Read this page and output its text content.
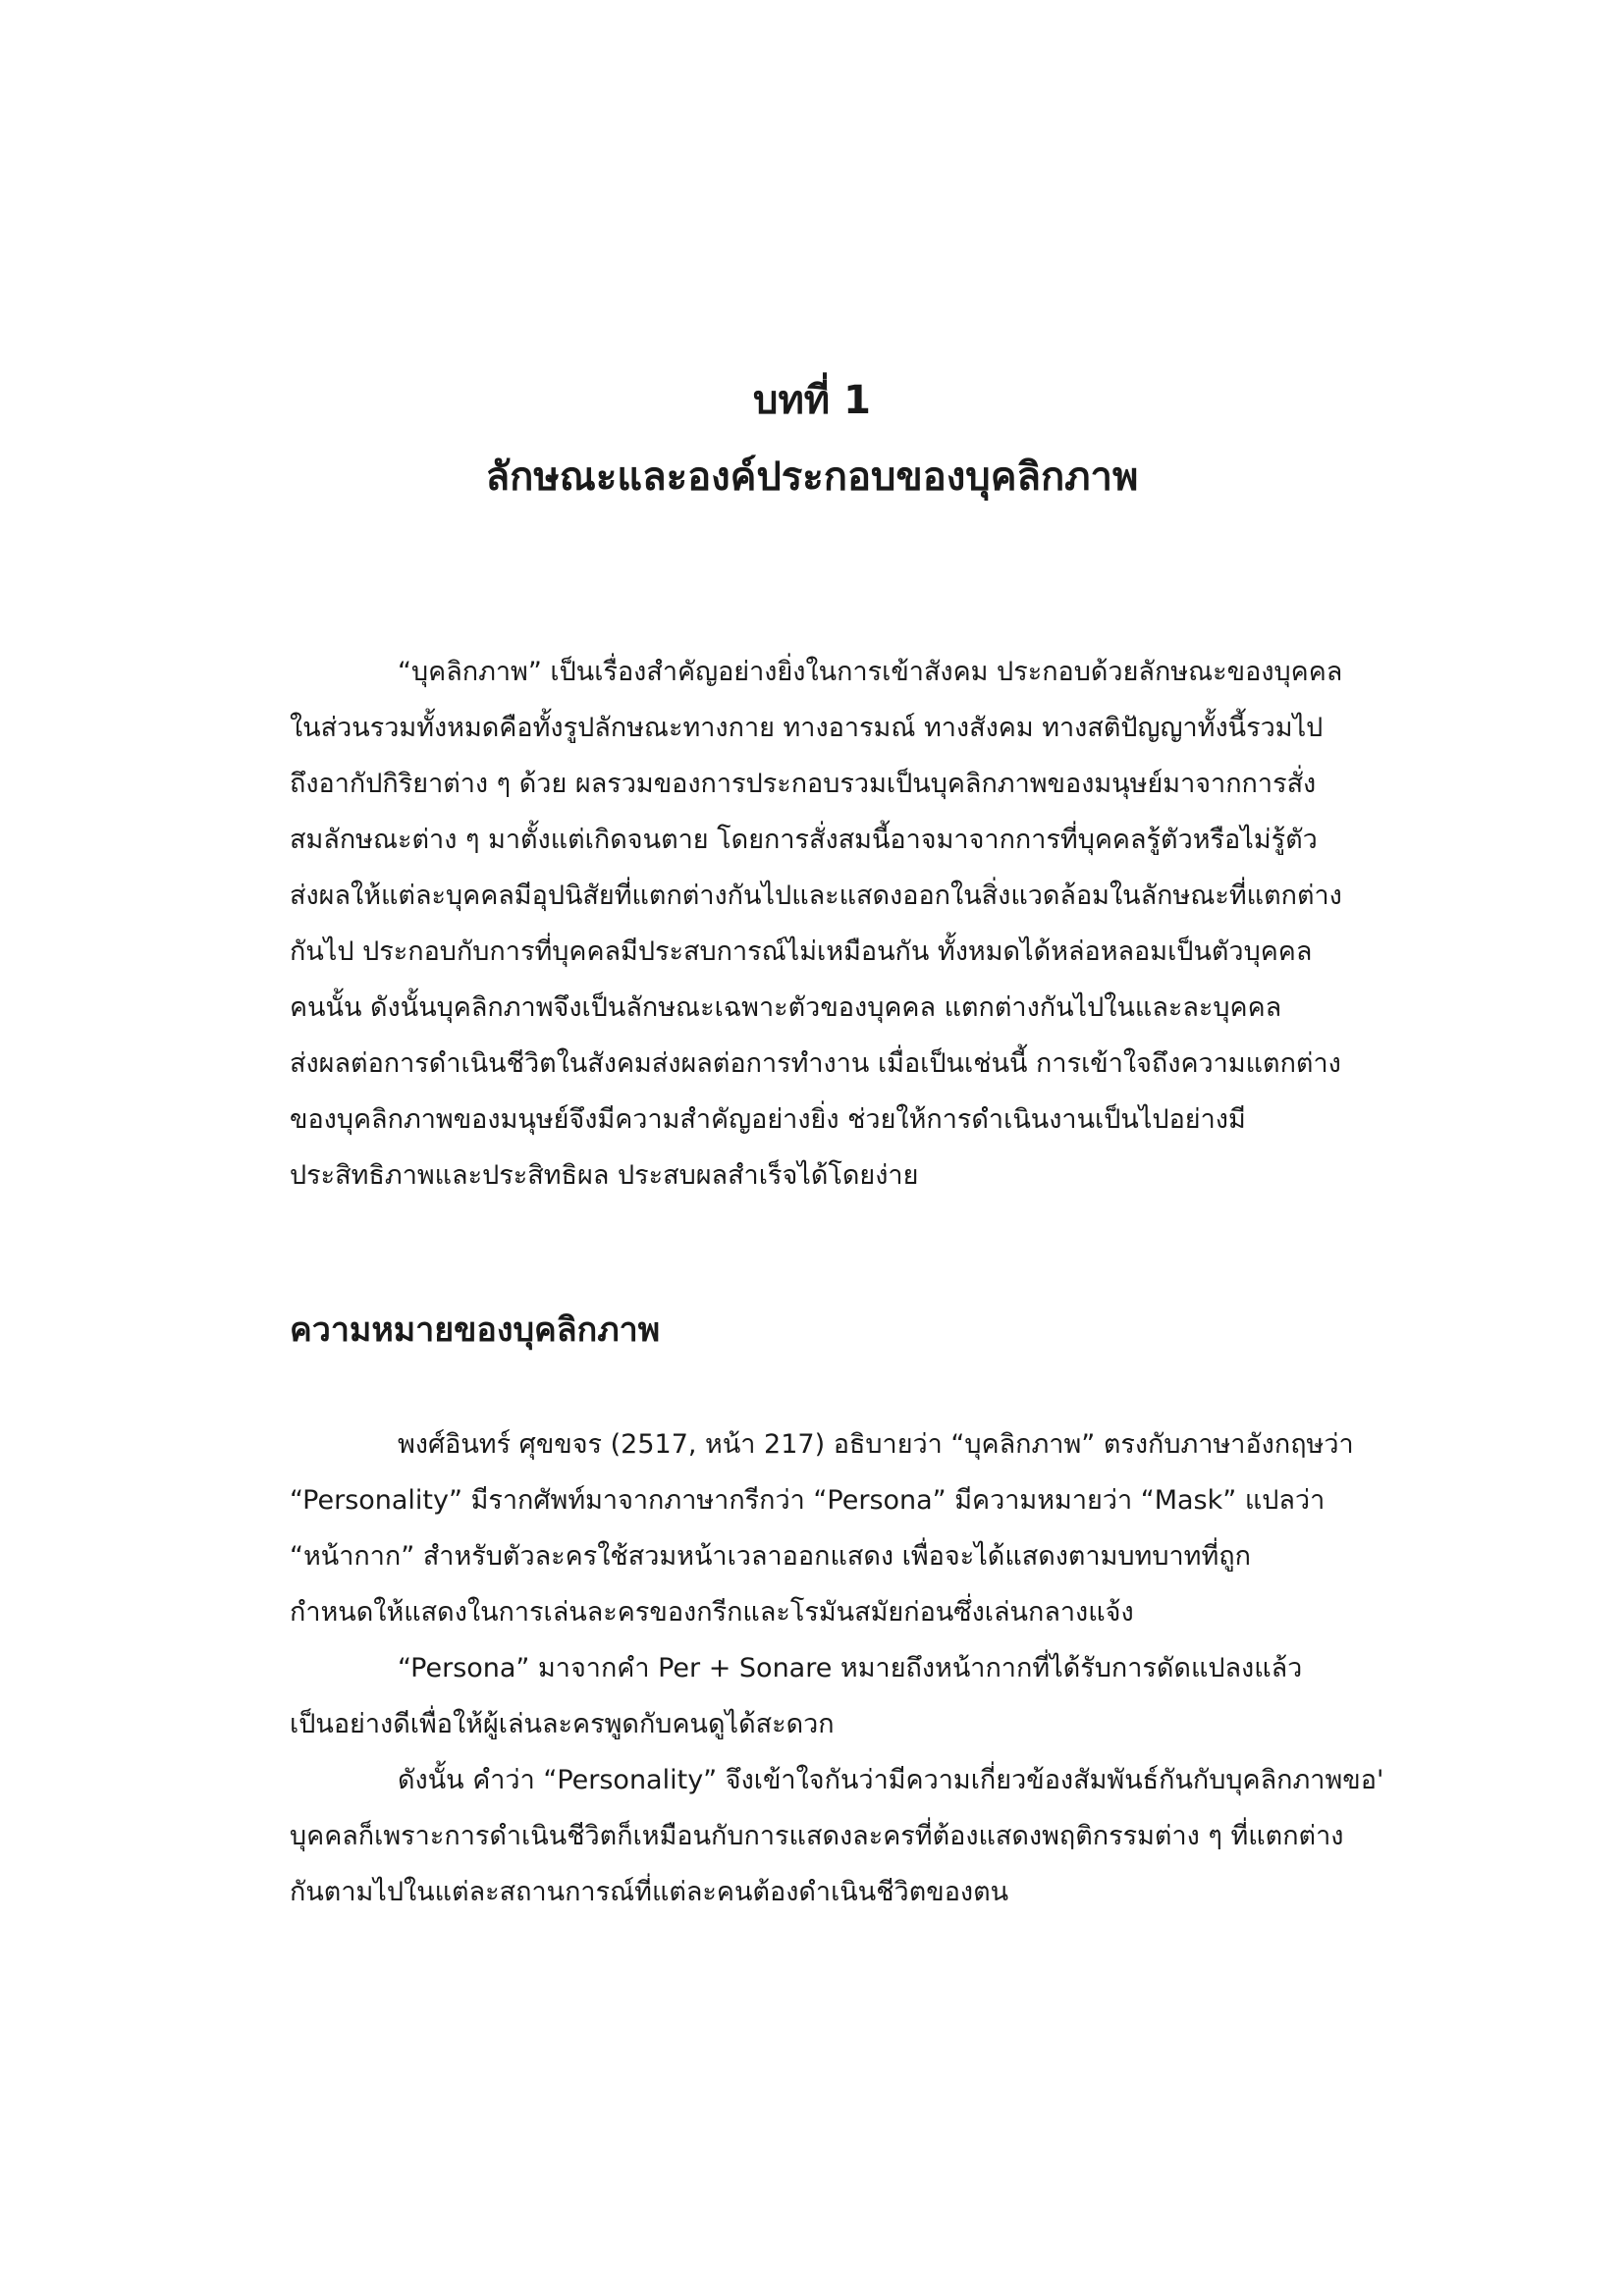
บทที่ 1
ลักษณะและองค์ประกอบของบุคลิกภาพ
“บุคลิกภาพ” เป็นเรื่องสำคัญอย่างยิ่งในการเข้าสังคม ประกอบด้วยลักษณะของบุคคล
ในส่วนรวมทั้งหมดคือทั้งรูปลักษณะทางกาย ทางอารมณ์ ทางสังคม ทางสติปัญญาทั้งนี้รวมไป
ถึงอากัปกิริยาต่าง ๆ ด้วย ผลรวมของการประกอบรวมเป็นบุคลิกภาพของมนุษย์มาจากการสั่ง
สมลักษณะต่าง ๆ มาตั้งแต่เกิดจนตาย โดยการสั่งสมนี้อาจมาจากการที่บุคคลรู้ตัวหรือไม่รู้ตัว
ส่งผลให้แต่ละบุคคลมีอุปนิสัยที่แตกต่างกันไปและแสดงออกในสิ่งแวดล้อมในลักษณะที่แตกต่าง
กันไป ประกอบกับการที่บุคคลมีประสบการณ์ไม่เหมือนกัน ทั้งหมดได้หล่อหลอมเป็นตัวบุคคล
คนนั้น ดังนั้นบุคลิกภาพจึงเป็นลักษณะเฉพาะตัวของบุคคล แตกต่างกันไปในและละบุคคล
ส่งผลต่อการดำเนินชีวิตในสังคมส่งผลต่อการทำงาน เมื่อเป็นเช่นนี้ การเข้าใจถึงความแตกต่าง
ของบุคลิกภาพของมนุษย์จึงมีความสำคัญอย่างยิ่ง ช่วยให้การดำเนินงานเป็นไปอย่างมี
ประสิทธิภาพและประสิทธิผล ประสบผลสำเร็จได้โดยง่าย
ความหมายของบุคลิกภาพ
พงศ์อินทร์ ศุขขจร (2517, หน้า 217) อธิบายว่า “บุคลิกภาพ” ตรงกับภาษาอังกฤษว่า
“Personality” มีรากศัพท์มาจากภาษากรีกว่า “Persona” มีความหมายว่า “Mask” แปลว่า
“หน้ากาก” สำหรับตัวละครใช้สวมหน้าเวลาออกแสดง เพื่อจะได้แสดงตามบทบาทที่ถูก
กำหนดให้แสดงในการเล่นละครของกรีกและโรมันสมัยก่อนซึ่งเล่นกลางแจ้ง
“Persona” มาจากคำ Per + Sonare หมายถึงหน้ากากที่ได้รับการดัดแปลงแล้ว
เป็นอย่างดีเพื่อให้ผู้เล่นละครพูดกับคนดูได้สะดวก
ดังนั้น คำว่า “Personality” จึงเข้าใจกันว่ามีความเกี่ยวข้องสัมพันธ์กันกับบุคลิกภาพขอ'
บุคคลก็เพราะการดำเนินชีวิตก็เหมือนกับการแสดงละครที่ต้องแสดงพฤติกรรมต่าง ๆ ที่แตกต่าง
กันตามไปในแต่ละสถานการณ์ที่แต่ละคนต้องดำเนินชีวิตของตน
